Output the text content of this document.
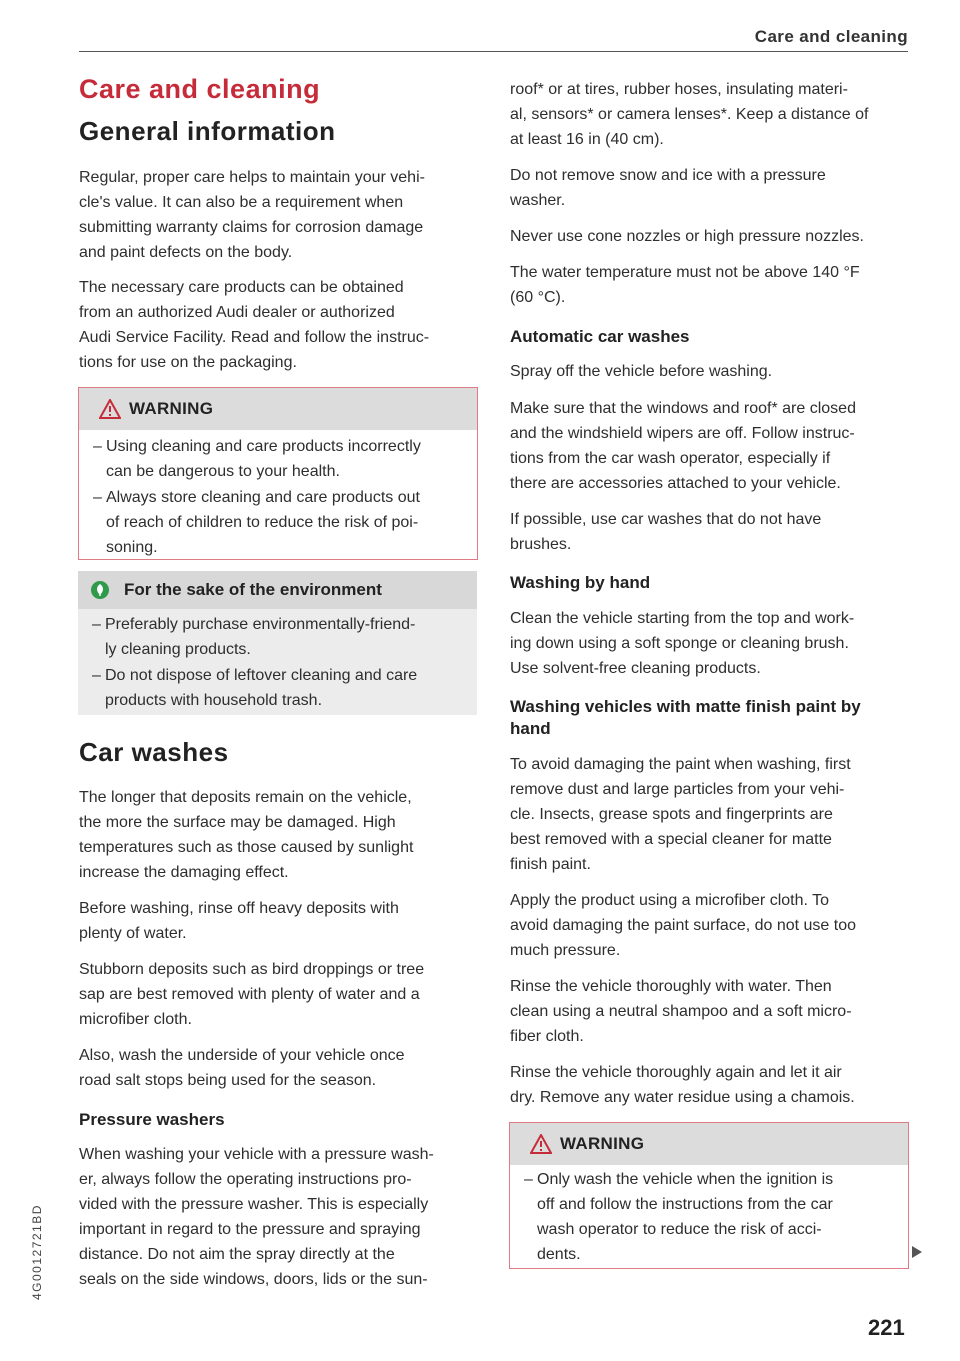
Care and cleaning
4G0012721BD
Care and cleaning
General information

Regular, proper care helps to maintain your vehi-
cle's value. It can also be a requirement when
submitting warranty claims for corrosion damage
and paint defects on the body.

The necessary care products can be obtained
from an authorized Audi dealer or authorized
Audi Service Facility. Read and follow the instruc-
tions for use on the packaging.

WARNING
– Using cleaning and care products incorrectly
can be dangerous to your health.
– Always store cleaning and care products out
of reach of children to reduce the risk of poi-
soning.
For the sake of the environment
– Preferably purchase environmentally-friend-
ly cleaning products.
– Do not dispose of leftover cleaning and care
products with household trash.
Car washes

The longer that deposits remain on the vehicle,
the more the surface may be damaged. High
temperatures such as those caused by sunlight
increase the damaging effect.

Before washing, rinse off heavy deposits with
plenty of water.

Stubborn deposits such as bird droppings or tree
sap are best removed with plenty of water and a
microfiber cloth.

Also, wash the underside of your vehicle once
road salt stops being used for the season.

Pressure washers

When washing your vehicle with a pressure wash-
er, always follow the operating instructions pro-
vided with the pressure washer. This is especially
important in regard to the pressure and spraying
distance. Do not aim the spray directly at the
seals on the side windows, doors, lids or the sun-

roof* or at tires, rubber hoses, insulating materi-
al, sensors* or camera lenses*. Keep a distance of
at least 16 in (40 cm).

Do not remove snow and ice with a pressure
washer.

Never use cone nozzles or high pressure nozzles.

The water temperature must not be above 140 °F
(60 °C).

Automatic car washes

Spray off the vehicle before washing.

Make sure that the windows and roof* are closed
and the windshield wipers are off. Follow instruc-
tions from the car wash operator, especially if
there are accessories attached to your vehicle.

If possible, use car washes that do not have
brushes.

Washing by hand

Clean the vehicle starting from the top and work-
ing down using a soft sponge or cleaning brush.
Use solvent-free cleaning products.

Washing vehicles with matte finish paint by
hand

To avoid damaging the paint when washing, first
remove dust and large particles from your vehi-
cle. Insects, grease spots and fingerprints are
best removed with a special cleaner for matte
finish paint.

Apply the product using a microfiber cloth. To
avoid damaging the paint surface, do not use too
much pressure.

Rinse the vehicle thoroughly with water. Then
clean using a neutral shampoo and a soft micro-
fiber cloth.

Rinse the vehicle thoroughly again and let it air
dry. Remove any water residue using a chamois.

WARNING
– Only wash the vehicle when the ignition is
off and follow the instructions from the car
wash operator to reduce the risk of acci-
dents.
221
